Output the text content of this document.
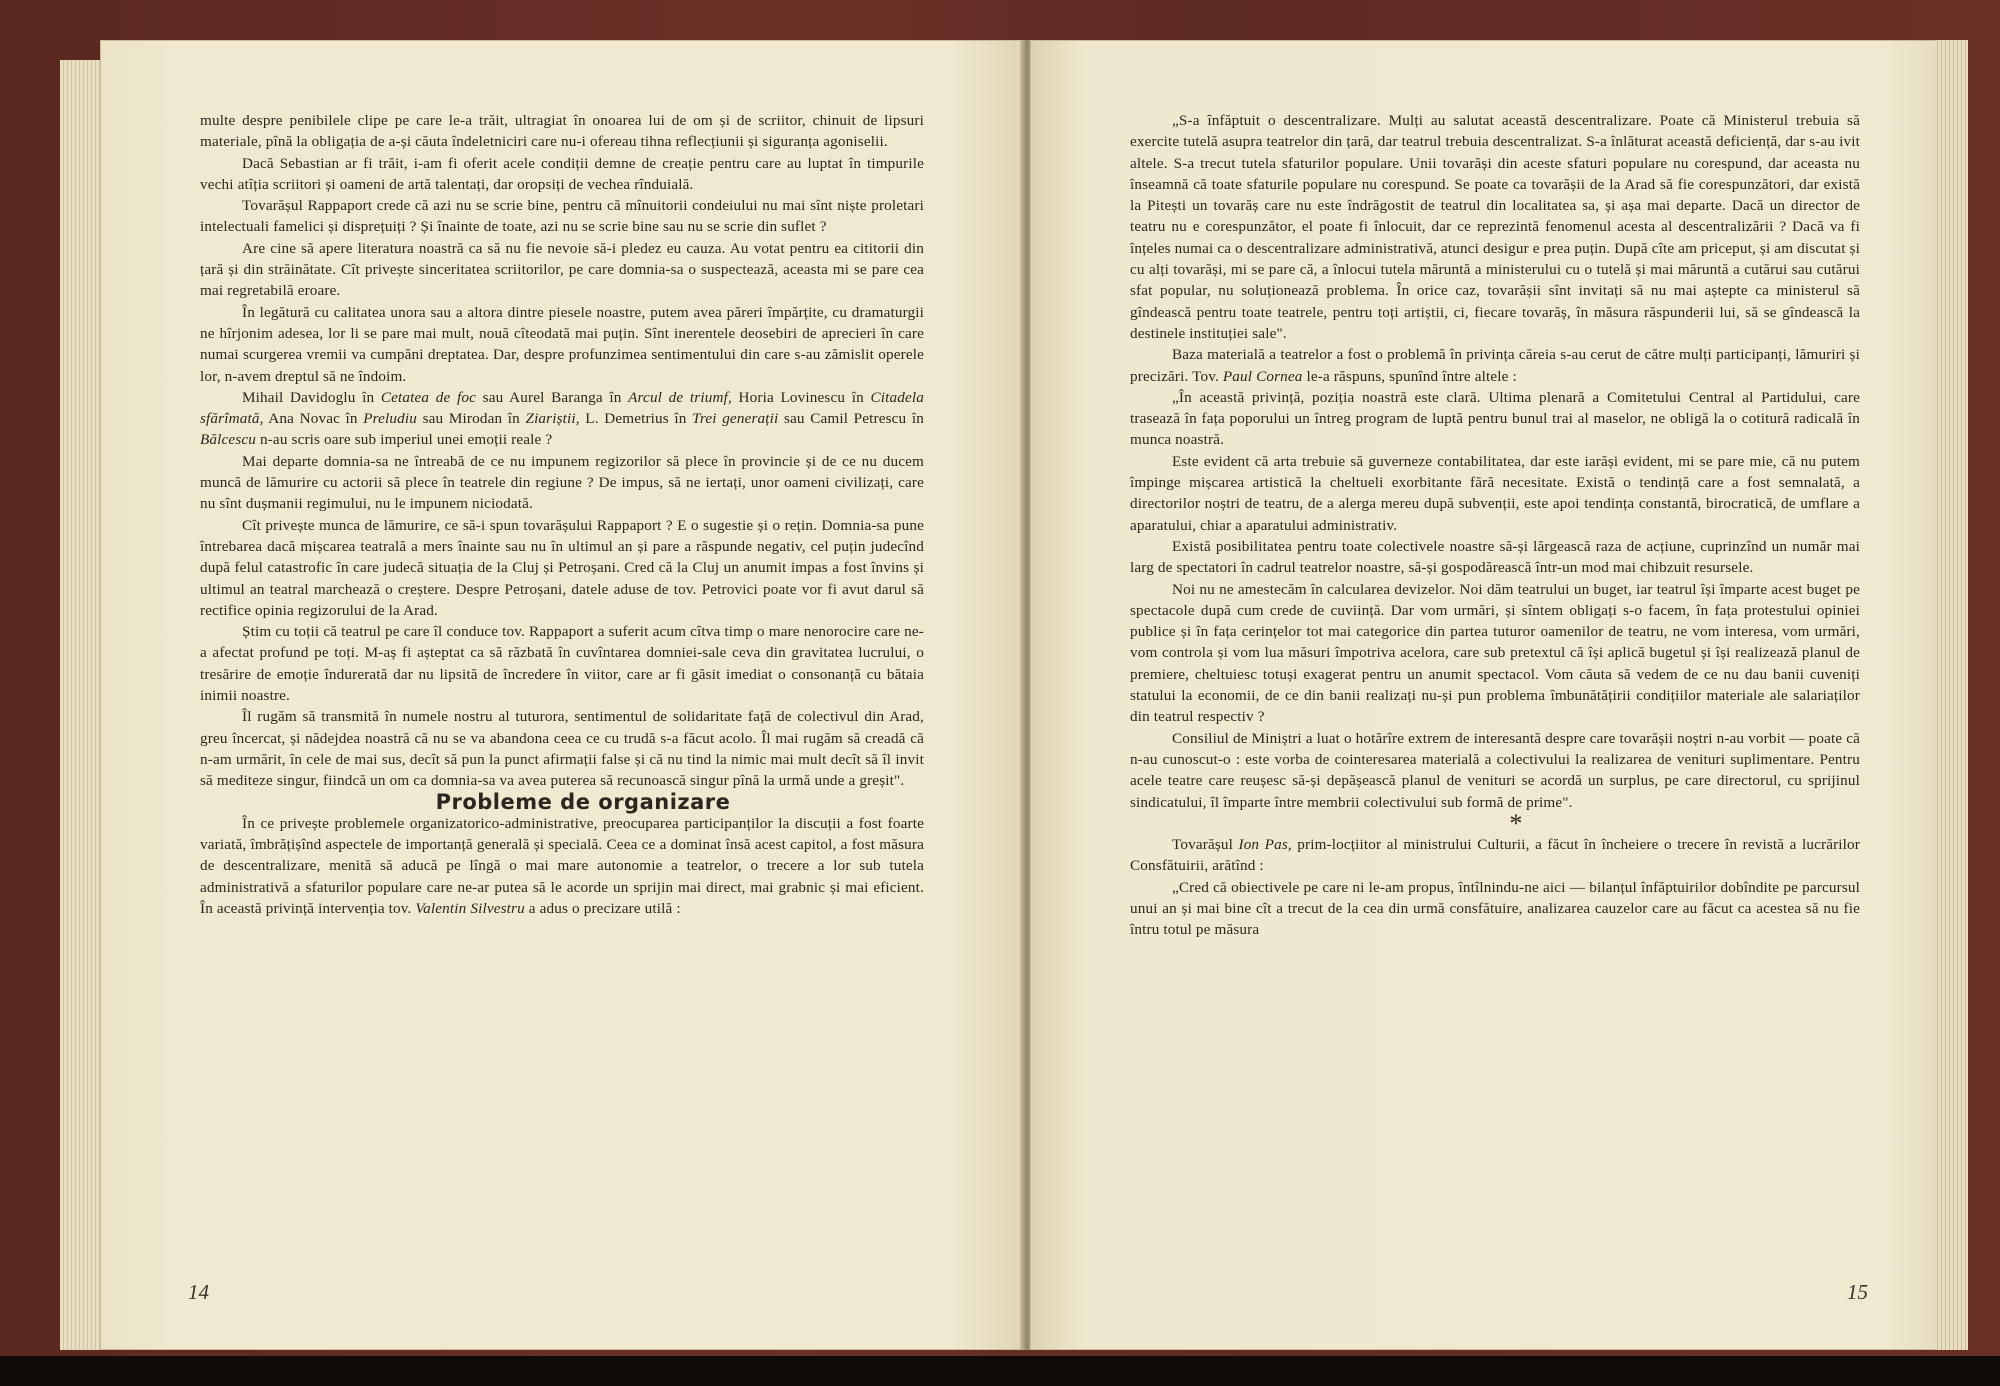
multe despre penibilele clipe pe care le-a trăit, ultragiat în onoarea lui de om și de scriitor, chinuit de lipsuri materiale, pînă la obligația de a-și căuta îndeletniciri care nu-i ofereau tihna reflecțiunii și siguranța agoniselii.

Dacă Sebastian ar fi trăit, i-am fi oferit acele condiții demne de creație pentru care au luptat în timpurile vechi atîția scriitori și oameni de artă talentați, dar oropsiți de vechea rînduială.

Tovarășul Rappaport crede că azi nu se scrie bine, pentru că mînuitorii condeiului nu mai sînt niște proletari intelectuali famelici și disprețuiți ? Și înainte de toate, azi nu se scrie bine sau nu se scrie din suflet ?

Are cine să apere literatura noastră ca să nu fie nevoie să-i pledez eu cauza. Au votat pentru ea cititorii din țară și din străinătate. Cît privește sinceritatea scriitorilor, pe care domnia-sa o suspectează, aceasta mi se pare cea mai regretabilă eroare.

În legătură cu calitatea unora sau a altora dintre piesele noastre, putem avea păreri împărțite, cu dramaturgii ne hîrjonim adesea, lor li se pare mai mult, nouă cîteodată mai puțin. Sînt inerentele deosebiri de aprecieri în care numai scurgerea vremii va cumpăni dreptatea. Dar, despre profunzimea sentimentului din care s-au zămislit operele lor, n-avem dreptul să ne îndoim.

Mihail Davidoglu în Cetatea de foc sau Aurel Baranga în Arcul de triumf, Horia Lovinescu în Citadela sfărîmată, Ana Novac în Preludiu sau Mirodan în Ziariștii, L. Demetrius în Trei generații sau Camil Petrescu în Bălcescu n-au scris oare sub imperiul unei emoții reale ?

Mai departe domnia-sa ne întreabă de ce nu impunem regizorilor să plece în provincie și de ce nu ducem muncă de lămurire cu actorii să plece în teatrele din regiune ? De impus, să ne iertați, unor oameni civilizați, care nu sînt dușmanii regimului, nu le impunem niciodată.

Cît privește munca de lămurire, ce să-i spun tovarășului Rappaport ? E o sugestie și o rețin. Domnia-sa pune întrebarea dacă mișcarea teatrală a mers înainte sau nu în ultimul an și pare a răspunde negativ, cel puțin judecînd după felul catastrofic în care judecă situația de la Cluj și Petroșani. Cred că la Cluj un anumit impas a fost învins și ultimul an teatral marchează o creștere. Despre Petroșani, datele aduse de tov. Petrovici poate vor fi avut darul să rectifice opinia regizorului de la Arad.

Știm cu toții că teatrul pe care îl conduce tov. Rappaport a suferit acum cîtva timp o mare nenorocire care ne-a afectat profund pe toți. M-aș fi așteptat ca să răzbată în cuvîntarea domniei-sale ceva din gravitatea lucrului, o tresărire de emoție îndurerată dar nu lipsită de încredere în viitor, care ar fi găsit imediat o consonanță cu bătaia inimii noastre.

Îl rugăm să transmită în numele nostru al tuturora, sentimentul de solidaritate față de colectivul din Arad, greu încercat, și nădejdea noastră că nu se va abandona ceea ce cu trudă s-a făcut acolo. Îl mai rugăm să creadă că n-am urmărit, în cele de mai sus, decît să pun la punct afirmații false și că nu tind la nimic mai mult decît să îl invit să mediteze singur, fiindcă un om ca domnia-sa va avea puterea să recunoască singur pînă la urmă unde a greșit".

Probleme de organizare

În ce privește problemele organizatorico-administrative, preocuparea participanților la discuții a fost foarte variată, îmbrățișînd aspectele de importanță generală și specială. Ceea ce a dominat însă acest capitol, a fost măsura de descentralizare, menită să aducă pe lîngă o mai mare autonomie a teatrelor, o trecere a lor sub tutela administrativă a sfaturilor populare care ne-ar putea să le acorde un sprijin mai direct, mai grabnic și mai eficient. În această privință intervenția tov. Valentin Silvestru a adus o precizare utilă :

14

„S-a înfăptuit o descentralizare. Mulți au salutat această descentralizare. Poate că Ministerul trebuia să exercite tutelă asupra teatrelor din țară, dar teatrul trebuia descentralizat. S-a înlăturat această deficiență, dar s-au ivit altele. S-a trecut tutela sfaturilor populare. Unii tovarăși din aceste sfaturi populare nu corespund, dar aceasta nu înseamnă că toate sfaturile populare nu corespund. Se poate ca tovarășii de la Arad să fie corespunzători, dar există la Pitești un tovarăș care nu este îndrăgostit de teatrul din localitatea sa, și așa mai departe. Dacă un director de teatru nu e corespunzător, el poate fi înlocuit, dar ce reprezintă fenomenul acesta al descentralizării ? Dacă va fi înțeles numai ca o descentralizare administrativă, atunci desigur e prea puțin. După cîte am priceput, și am discutat și cu alți tovarăși, mi se pare că, a înlocui tutela măruntă a ministerului cu o tutelă și mai măruntă a cutărui sau cutărui sfat popular, nu soluționează problema. În orice caz, tovarășii sînt invitați să nu mai aștepte ca ministerul să gîndească pentru toate teatrele, pentru toți artiștii, ci, fiecare tovarăș, în măsura răspunderii lui, să se gîndească la destinele instituției sale".

Baza materială a teatrelor a fost o problemă în privința căreia s-au cerut de către mulți participanți, lămuriri și precizări. Tov. Paul Cornea le-a răspuns, spunînd între altele :

„În această privință, poziția noastră este clară. Ultima plenară a Comitetului Central al Partidului, care trasează în fața poporului un întreg program de luptă pentru bunul trai al maselor, ne obligă la o cotitură radicală în munca noastră.

Este evident că arta trebuie să guverneze contabilitatea, dar este iarăși evident, mi se pare mie, că nu putem împinge mișcarea artistică la cheltueli exorbitante fără necesitate. Există o tendință care a fost semnalată, a directorilor noștri de teatru, de a alerga mereu după subvenții, este apoi tendința constantă, birocratică, de umflare a aparatului, chiar a aparatului administrativ.

Există posibilitatea pentru toate colectivele noastre să-și lărgească raza de acțiune, cuprinzînd un număr mai larg de spectatori în cadrul teatrelor noastre, să-și gospodărească într-un mod mai chibzuit resursele.

Noi nu ne amestecăm în calcularea devizelor. Noi dăm teatrului un buget, iar teatrul își împarte acest buget pe spectacole după cum crede de cuviință. Dar vom urmări, și sîntem obligați s-o facem, în fața protestului opiniei publice și în fața cerințelor tot mai categorice din partea tuturor oamenilor de teatru, ne vom interesa, vom urmări, vom controla și vom lua măsuri împotriva acelora, care sub pretextul că își aplică bugetul și își realizează planul de premiere, cheltuiesc totuși exagerat pentru un anumit spectacol. Vom căuta să vedem de ce nu dau banii cuveniți statului la economii, de ce din banii realizați nu-și pun problema îmbunătățirii condițiilor materiale ale salariaților din teatrul respectiv ?

Consiliul de Miniștri a luat o hotărîre extrem de interesantă despre care tovarășii noștri n-au vorbit — poate că n-au cunoscut-o : este vorba de cointeresarea materială a colectivului la realizarea de venituri suplimentare. Pentru acele teatre care reușesc să-și depășească planul de venituri se acordă un surplus, pe care directorul, cu sprijinul sindicatului, îl împarte între membrii colectivului sub formă de prime".

*

Tovarășul Ion Pas, prim-locțiitor al ministrului Culturii, a făcut în încheiere o trecere în revistă a lucrărilor Consfătuirii, arătînd :

„Cred că obiectivele pe care ni le-am propus, întîlnindu-ne aici — bilanțul înfăptuirilor dobîndite pe parcursul unui an și mai bine cît a trecut de la cea din urmă consfătuire, analizarea cauzelor care au făcut ca acestea să nu fie întru totul pe măsura

15
